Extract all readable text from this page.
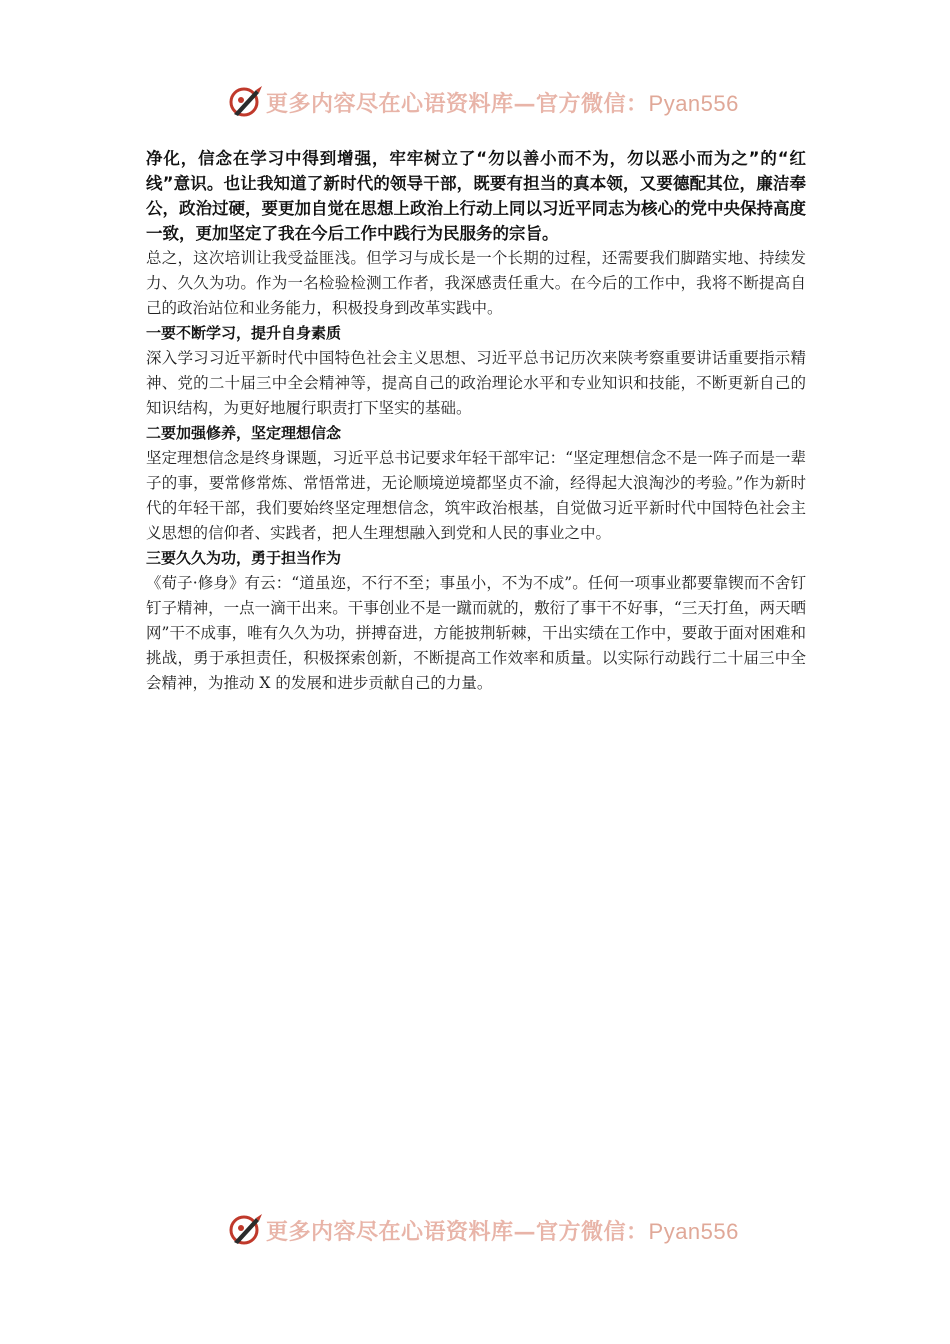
更多内容尽在心语资料库—官方微信：Pyan556

净化，信念在学习中得到增强，牢牢树立了“勿以善小而不为，勿以恶小而为之”的“红线”意识。也让我知道了新时代的领导干部，既要有担当的真本领，又要德配其位，廉洁奉公，政治过硬，要更加自觉在思想上政治上行动上同以习近平同志为核心的党中央保持高度一致，更加坚定了我在今后工作中践行为民服务的宗旨。

总之，这次培训让我受益匪浅。但学习与成长是一个长期的过程，还需要我们脚踏实地、持续发力、久久为功。作为一名检验检测工作者，我深感责任重大。在今后的工作中，我将不断提高自己的政治站位和业务能力，积极投身到改革实践中。

一要不断学习，提升自身素质

深入学习习近平新时代中国特色社会主义思想、习近平总书记历次来陕考察重要讲话重要指示精神、党的二十届三中全会精神等，提高自己的政治理论水平和专业知识和技能，不断更新自己的知识结构，为更好地履行职责打下坚实的基础。

二要加强修养，坚定理想信念

坚定理想信念是终身课题，习近平总书记要求年轻干部牢记：“坚定理想信念不是一阵子而是一辈子的事，要常修常炼、常悟常进，无论顺境逆境都坚贞不渝，经得起大浪淘沙的考验。”作为新时代的年轻干部，我们要始终坚定理想信念，筑牢政治根基，自觉做习近平新时代中国特色社会主义思想的信仰者、实践者，把人生理想融入到党和人民的事业之中。

三要久久为功，勇于担当作为

《荀子·修身》有云：“道虽迩，不行不至；事虽小，不为不成”。任何一项事业都要靠锲而不舍钉钉子精神，一点一滴干出来。干事创业不是一蹴而就的，敷衍了事干不好事，“三天打鱼，两天晒网”干不成事，唯有久久为功，拼搏奋进，方能披荆斩棘，干出实绩在工作中，要敢于面对困难和挑战，勇于承担责任，积极探索创新，不断提高工作效率和质量。以实际行动践行二十届三中全会精神，为推动 X 的发展和进步贡献自己的力量。

更多内容尽在心语资料库—官方微信：Pyan556
